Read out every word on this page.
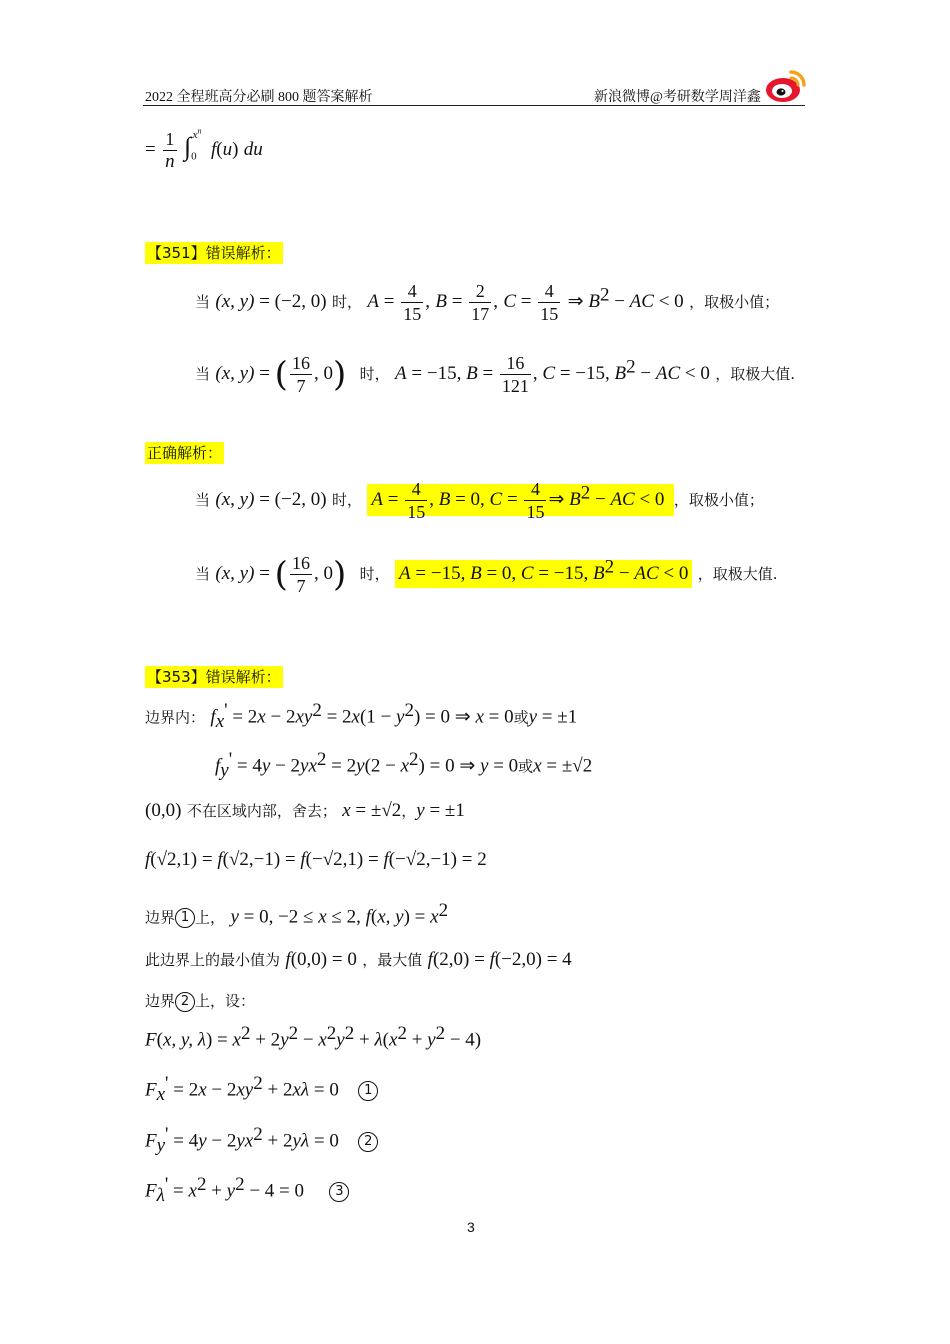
2022 全程班高分必刷 800 题答案解析	新浪微博@考研数学周洋鑫
= $\frac{1}{n} \int_0^{x^n}$ f(u) du
【351】错误解析：
当 (x, y) = (−2, 0) 时， $A = \frac{4}{15}$ , $B = \frac{2}{17}$ , $C = \frac{4}{15}$ ⇒ $B^2$ − AC < 0 ，取极小值；
当 (x, y) = ( $\frac{16}{7}$ , 0) 时， A = −15, $B = \frac{16}{121}$ , C = −15, $B^2$ − AC < 0 ，取极大值.
正确解析：
当 (x, y) = (−2, 0) 时， $A = \frac{4}{15}$ , B = 0, $C = \frac{4}{15}$ ⇒ $B^2$ − AC < 0 ，取极小值；
当 (x, y) = ( $\frac{16}{7}$ , 0) 时， A = −15, B = 0, C = −15, $B^2$ − AC < 0 ，取极大值.
【353】错误解析：
边界内： $f_x' = 2x - 2xy^2 = 2x(1 - y^2) = 0$ ⇒ x = 0或y = ±1
$f_y' = 4y - 2yx^2 = 2y(2 - x^2) = 0$ ⇒ y = 0或x = ±√2
(0,0) 不在区域内部，舍去； x = ±√2，y = ±1
f(√2,1) = f(√2,−1) = f(−√2,1) = f(−√2,−1) = 2
边界 1 上， y = 0, −2 ≤ x ≤ 2, f(x, $y) = x^2$
此边界上的最小值为 f(0,0) = 0 ，最大值 f(2,0) = f(−2,0) = 4
边界 2 上，设：
F(x, y, $\lambda) = x^2 + 2y^2 - x^2y^2 + \lambda(x^2 + y^2 - 4)$
$F_x' = 2x - 2xy^2 + 2x\lambda = 0$ 1
$F_y' = 4y - 2yx^2 + 2y\lambda = 0$ 2
$F_\lambda' = x^2 + y^2 - 4 = 0$ 3
3
